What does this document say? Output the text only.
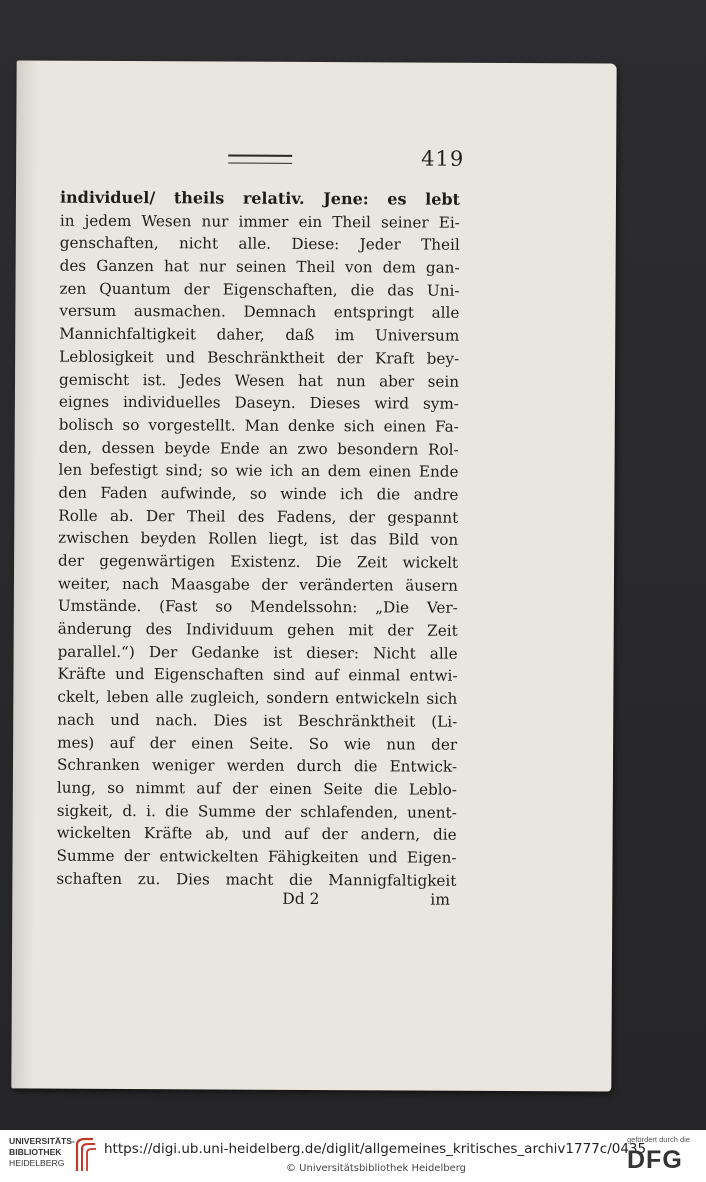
419
individuel/ theils relativ. Jene: es lebt
in jedem Wesen nur immer ein Theil seiner Ei-
genschaften, nicht alle. Diese: Jeder Theil
des Ganzen hat nur seinen Theil von dem gan-
zen Quantum der Eigenschaften, die das Uni-
versum ausmachen. Demnach entspringt alle
Mannichfaltigkeit daher, daß im Universum
Leblosigkeit und Beschränktheit der Kraft bey-
gemischt ist. Jedes Wesen hat nun aber sein
eignes individuelles Daseyn. Dieses wird sym-
bolisch so vorgestellt. Man denke sich einen Fa-
den, dessen beyde Ende an zwo besondern Rol-
len befestigt sind; so wie ich an dem einen Ende
den Faden aufwinde, so winde ich die andre
Rolle ab. Der Theil des Fadens, der gespannt
zwischen beyden Rollen liegt, ist das Bild von
der gegenwärtigen Existenz. Die Zeit wickelt
weiter, nach Maasgabe der veränderten äusern
Umstände. (Fast so Mendelssohn: „Die Ver-
änderung des Individuum gehen mit der Zeit
parallel.“) Der Gedanke ist dieser: Nicht alle
Kräfte und Eigenschaften sind auf einmal entwi-
ckelt, leben alle zugleich, sondern entwickeln sich
nach und nach. Dies ist Beschränktheit (Li-
mes) auf der einen Seite. So wie nun der
Schranken weniger werden durch die Entwick-
lung, so nimmt auf der einen Seite die Leblo-
sigkeit, d. i. die Summe der schlafenden, unent-
wickelten Kräfte ab, und auf der andern, die
Summe der entwickelten Fähigkeiten und Eigen-
schaften zu. Dies macht die Mannigfaltigkeit
Dd 2	im
UNIVERSITÄTS-
BIBLIOTHEK
HEIDELBERG
https://digi.ub.uni-heidelberg.de/diglit/allgemeines_kritisches_archiv1777c/0435
© Universitätsbibliothek Heidelberg
gefördert durch die
DFG
